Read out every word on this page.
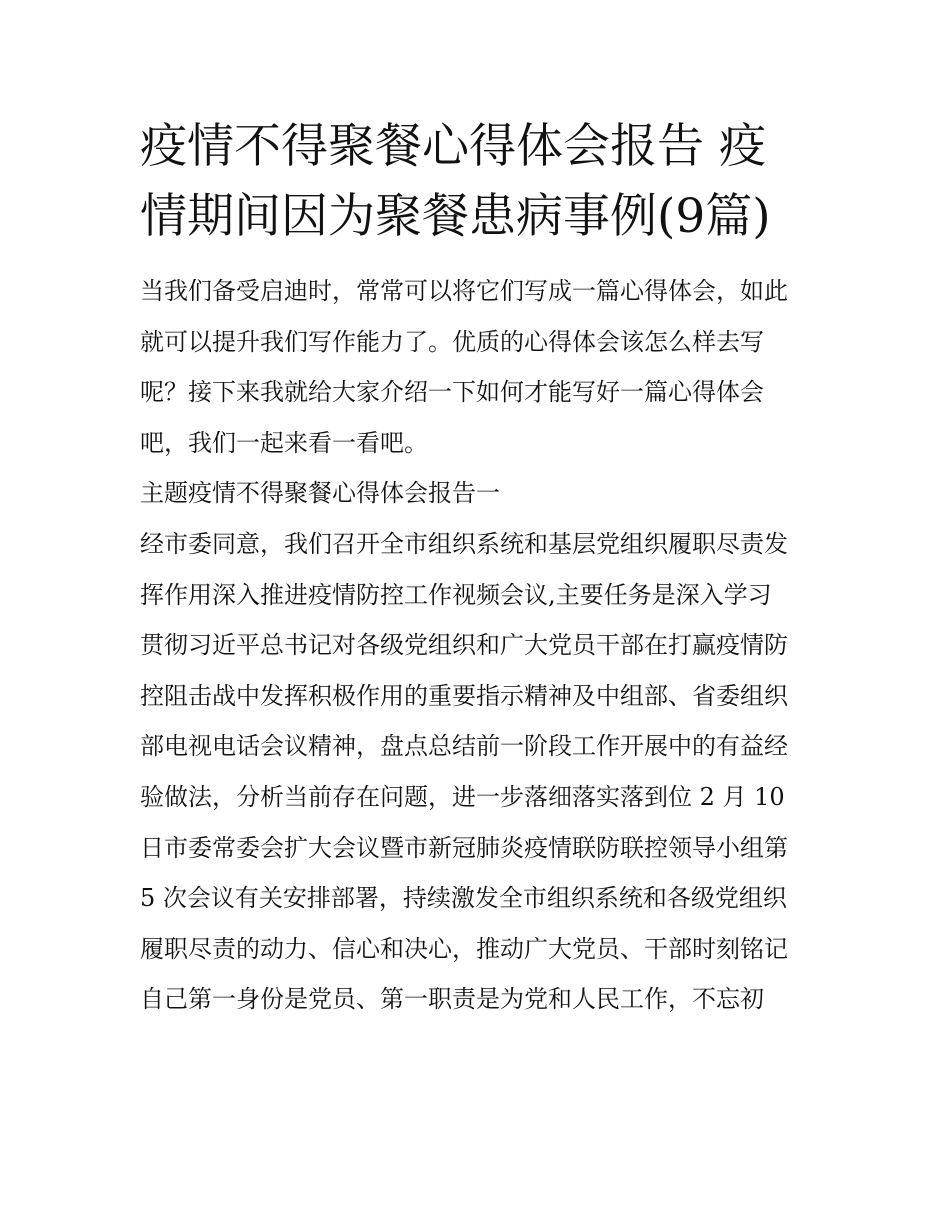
疫情不得聚餐心得体会报告 疫情期间因为聚餐患病事例(9篇)

当我们备受启迪时，常常可以将它们写成一篇心得体会，如此

就可以提升我们写作能力了。优质的心得体会该怎么样去写

呢？接下来我就给大家介绍一下如何才能写好一篇心得体会

吧，我们一起来看一看吧。

主题疫情不得聚餐心得体会报告一

经市委同意，我们召开全市组织系统和基层党组织履职尽责发

挥作用深入推进疫情防控工作视频会议,主要任务是深入学习

贯彻习近平总书记对各级党组织和广大党员干部在打赢疫情防

控阻击战中发挥积极作用的重要指示精神及中组部、省委组织

部电视电话会议精神，盘点总结前一阶段工作开展中的有益经

验做法，分析当前存在问题，进一步落细落实落到位 2 月 10

日市委常委会扩大会议暨市新冠肺炎疫情联防联控领导小组第

5 次会议有关安排部署，持续激发全市组织系统和各级党组织

履职尽责的动力、信心和决心，推动广大党员、干部时刻铭记

自己第一身份是党员、第一职责是为党和人民工作，不忘初
